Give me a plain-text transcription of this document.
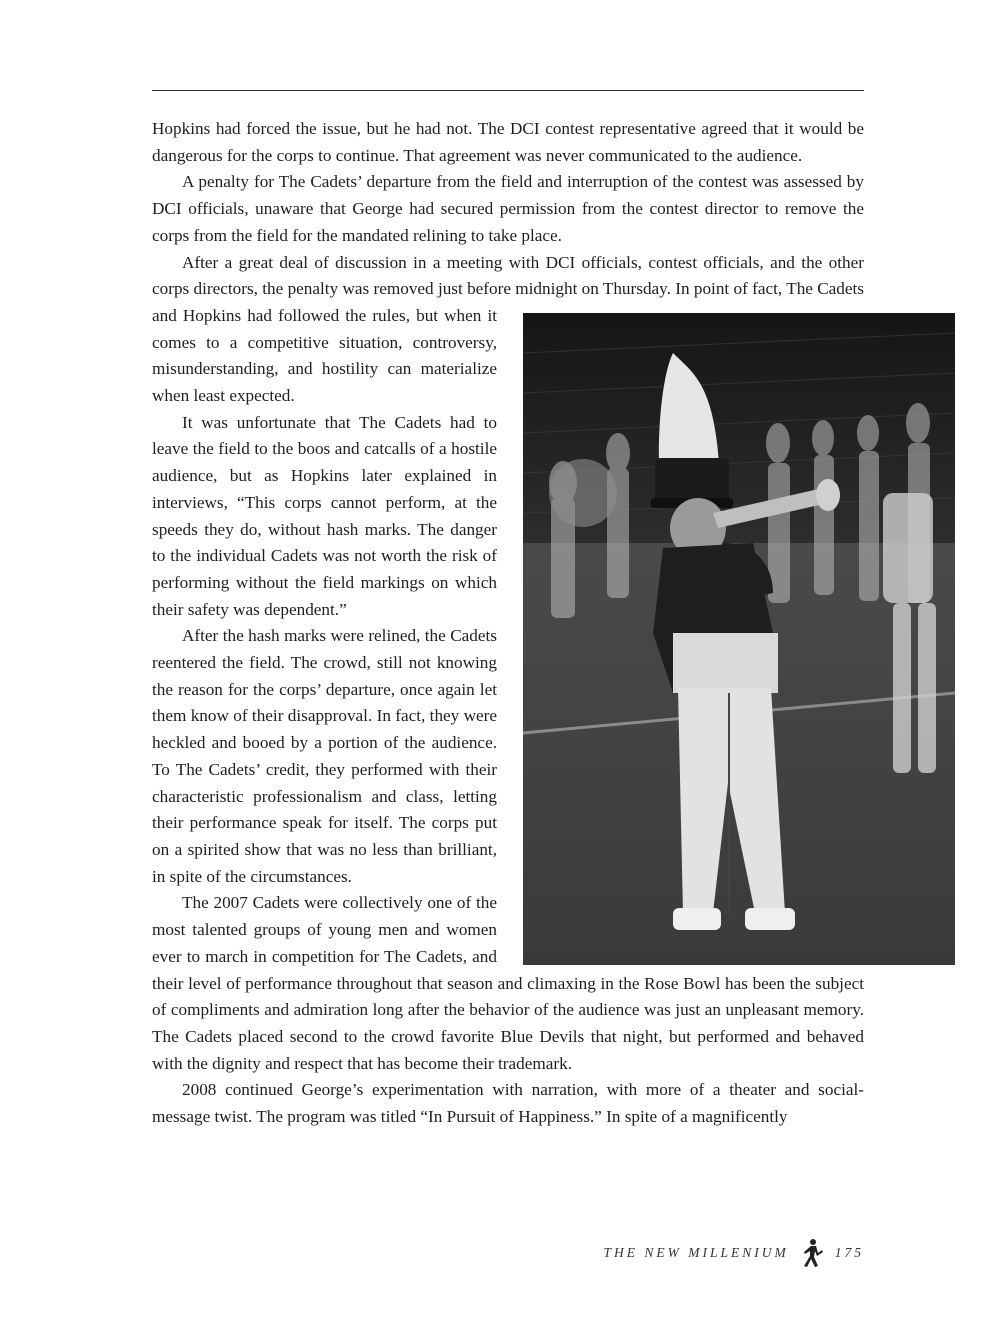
Hopkins had forced the issue, but he had not. The DCI contest representative agreed that it would be dangerous for the corps to continue. That agreement was never communicated to the audience.

A penalty for The Cadets’ departure from the field and interruption of the contest was assessed by DCI officials, unaware that George had secured permission from the contest director to remove the corps from the field for the mandated relining to take place.

After a great deal of discussion in a meeting with DCI officials, contest officials, and the other corps directors, the penalty was removed just before midnight on Thursday. In point of
fact, The Cadets and Hopkins had followed the rules, but when it comes to a competitive situation, controversy, misunderstanding, and hostility can materialize when least expected.

It was unfortunate that The Cadets had to leave the field to the boos and catcalls of a hostile audience, but as Hopkins later explained in interviews, “This corps cannot perform, at the speeds they do, without hash marks. The danger to the individual Cadets was not worth the risk of performing without the field markings on which their safety was dependent.”

After the hash marks were relined, the Cadets reentered the field. The crowd, still not knowing the reason for the corps’ departure, once again let them know of their disapproval. In fact, they were heckled and booed by a portion of the audience. To The Cadets’ credit, they performed with their characteristic professionalism and class, letting their performance speak for itself. The corps put on a spirited show that was no less than brilliant, in spite of the circumstances.

The 2007 Cadets were collectively one of the most talented groups of young men and women ever to march in competition for The Cadets, and their level of performance throughout that season and climaxing in the Rose Bowl has been the subject of compliments and admiration long after the behavior of the audience was just an unpleasant memory. The Cadets placed second to the crowd favorite Blue Devils that night, but performed and behaved with the dignity and respect that has become their trademark.

2008 continued George’s experimentation with narration, with more of a theater and social-message twist. The program was titled “In Pursuit of Happiness.” In spite of a magnificently

THE NEW MILLENIUM	175
